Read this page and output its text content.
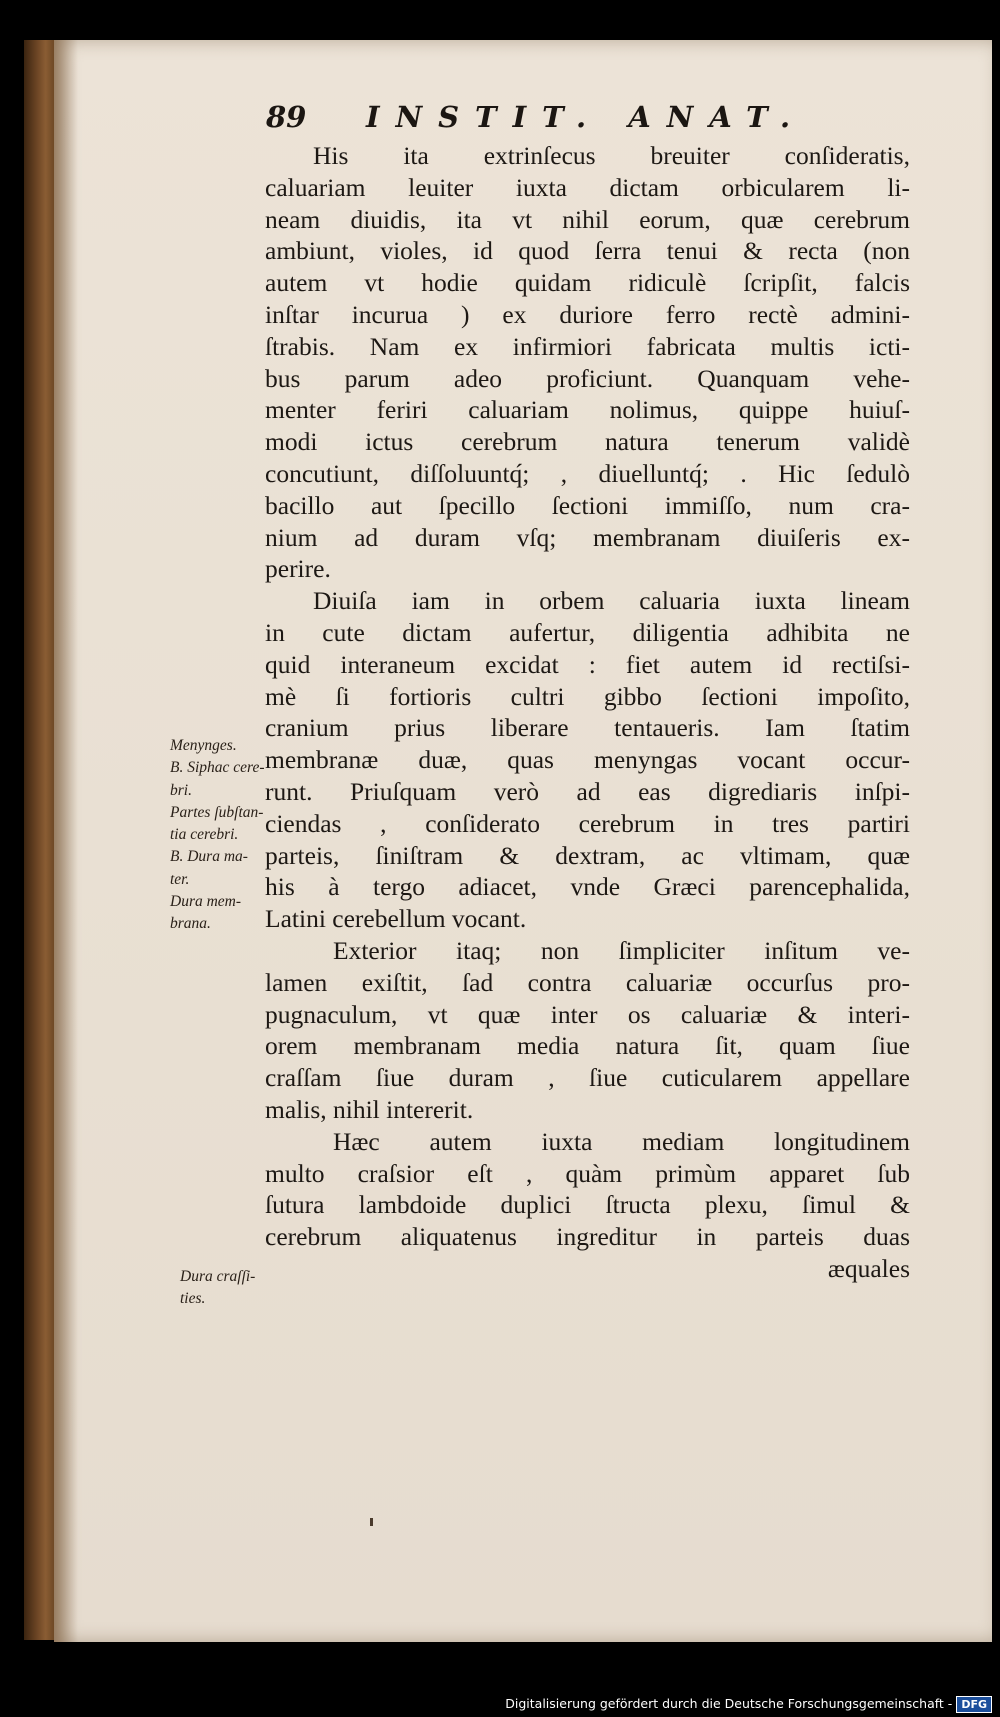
89 INSTIT. ANAT.
His ita extrinſecus breuiter conſideratis,
caluariam leuiter iuxta dictam orbicularem li-
neam diuidis, ita vt nihil eorum, quæ cerebrum
ambiunt, violes, id quod ſerra tenui & recta (non
autem vt hodie quidam ridiculè ſcripſit, falcis
inſtar incurua ) ex duriore ferro rectè admini-
ſtrabis. Nam ex infirmiori fabricata multis icti-
bus parum adeo proficiunt. Quanquam vehe-
menter feriri caluariam nolimus, quippe huiuſ-
modi ictus cerebrum natura tenerum validè
concutiunt, diſſoluuntq́; , diuelluntq́; . Hic ſedulò
bacillo aut ſpecillo ſectioni immiſſo, num cra-
nium ad duram vſq; membranam diuiſeris ex-
perire.
Diuiſa iam in orbem caluaria iuxta lineam
in cute dictam aufertur, diligentia adhibita ne
quid interaneum excidat : fiet autem id rectiſsi-
mè ſi fortioris cultri gibbo ſectioni impoſito,
cranium prius liberare tentaueris. Iam ſtatim
membranæ duæ, quas menyngas vocant occur-
runt. Priuſquam verò ad eas digrediaris inſpi-
ciendas , conſiderato cerebrum in tres partiri
parteis, ſiniſtram & dextram, ac vltimam, quæ
his à tergo adiacet, vnde Græci parencephalida,
Latini cerebellum vocant.
Exterior itaq; non ſimpliciter inſitum ve-
lamen exiſtit, ſad contra caluariæ occurſus pro-
pugnaculum, vt quæ inter os caluariæ & interi-
orem membranam media natura ſit, quam ſiue
craſſam ſiue duram , ſiue cuticularem appellare
malis, nihil intererit.
Hæc autem iuxta mediam longitudinem
multo craſsior eſt , quàm primùm apparet ſub
ſutura lambdoide duplici ſtructa plexu, ſimul &
cerebrum aliquatenus ingreditur in parteis duas
æquales
Menynges.
B. Siphac cere-
bri.
Partes ſubſtan-
tia cerebri.
B. Dura ma-
ter.
Dura mem-
brana.
Dura craſſi-
ties.
Digitalisierung gefördert durch die Deutsche Forschungsgemeinschaft - DFG
